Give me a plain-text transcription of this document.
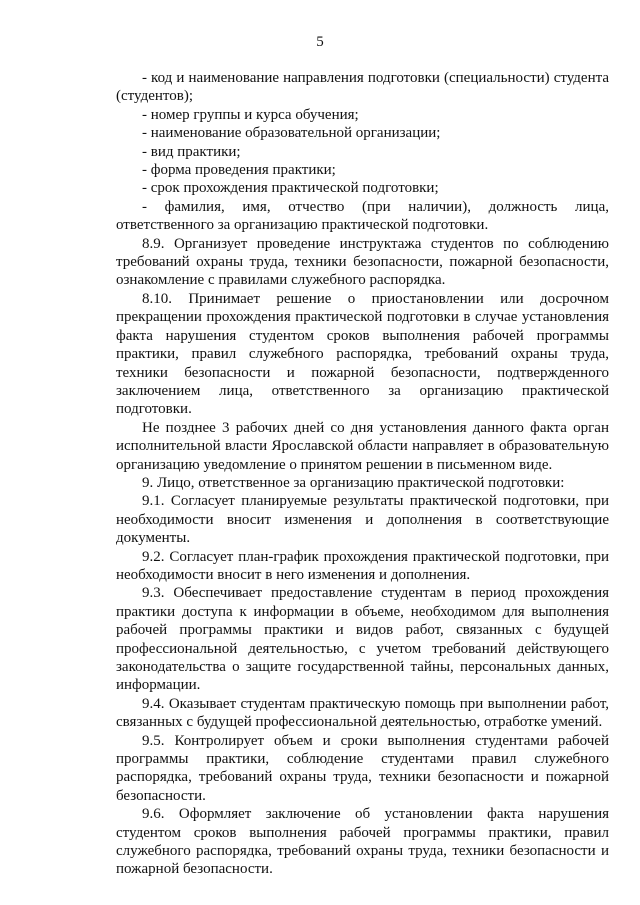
5

- код и наименование направления подготовки (специальности) студента (студентов);

- номер группы и курса обучения;

- наименование образовательной организации;

- вид практики;

- форма проведения практики;

- срок прохождения практической подготовки;

- фамилия, имя, отчество (при наличии), должность лица, ответственного за организацию практической подготовки.

8.9. Организует проведение инструктажа студентов по соблюдению требований охраны труда, техники безопасности, пожарной безопасности, ознакомление с правилами служебного распорядка.

8.10. Принимает решение о приостановлении или досрочном прекращении прохождения практической подготовки в случае установления факта нарушения студентом сроков выполнения рабочей программы практики, правил служебного распорядка, требований охраны труда, техники безопасности и пожарной безопасности, подтвержденного заключением лица, ответственного за организацию практической подготовки.

Не позднее 3 рабочих дней со дня установления данного факта орган исполнительной власти Ярославской области направляет в образовательную организацию уведомление о принятом решении в письменном виде.

9. Лицо, ответственное за организацию практической подготовки:

9.1. Согласует планируемые результаты практической подготовки, при необходимости вносит изменения и дополнения в соответствующие документы.

9.2. Согласует план-график прохождения практической подготовки, при необходимости вносит в него изменения и дополнения.

9.3. Обеспечивает предоставление студентам в период прохождения практики доступа к информации в объеме, необходимом для выполнения рабочей программы практики и видов работ, связанных с будущей профессиональной деятельностью, с учетом требований действующего законодательства о защите государственной тайны, персональных данных, информации.

9.4. Оказывает студентам практическую помощь при выполнении работ, связанных с будущей профессиональной деятельностью, отработке умений.

9.5. Контролирует объем и сроки выполнения студентами рабочей программы практики, соблюдение студентами правил служебного распорядка, требований охраны труда, техники безопасности и пожарной безопасности.

9.6. Оформляет заключение об установлении факта нарушения студентом сроков выполнения рабочей программы практики, правил служебного распорядка, требований охраны труда, техники безопасности и пожарной безопасности.
